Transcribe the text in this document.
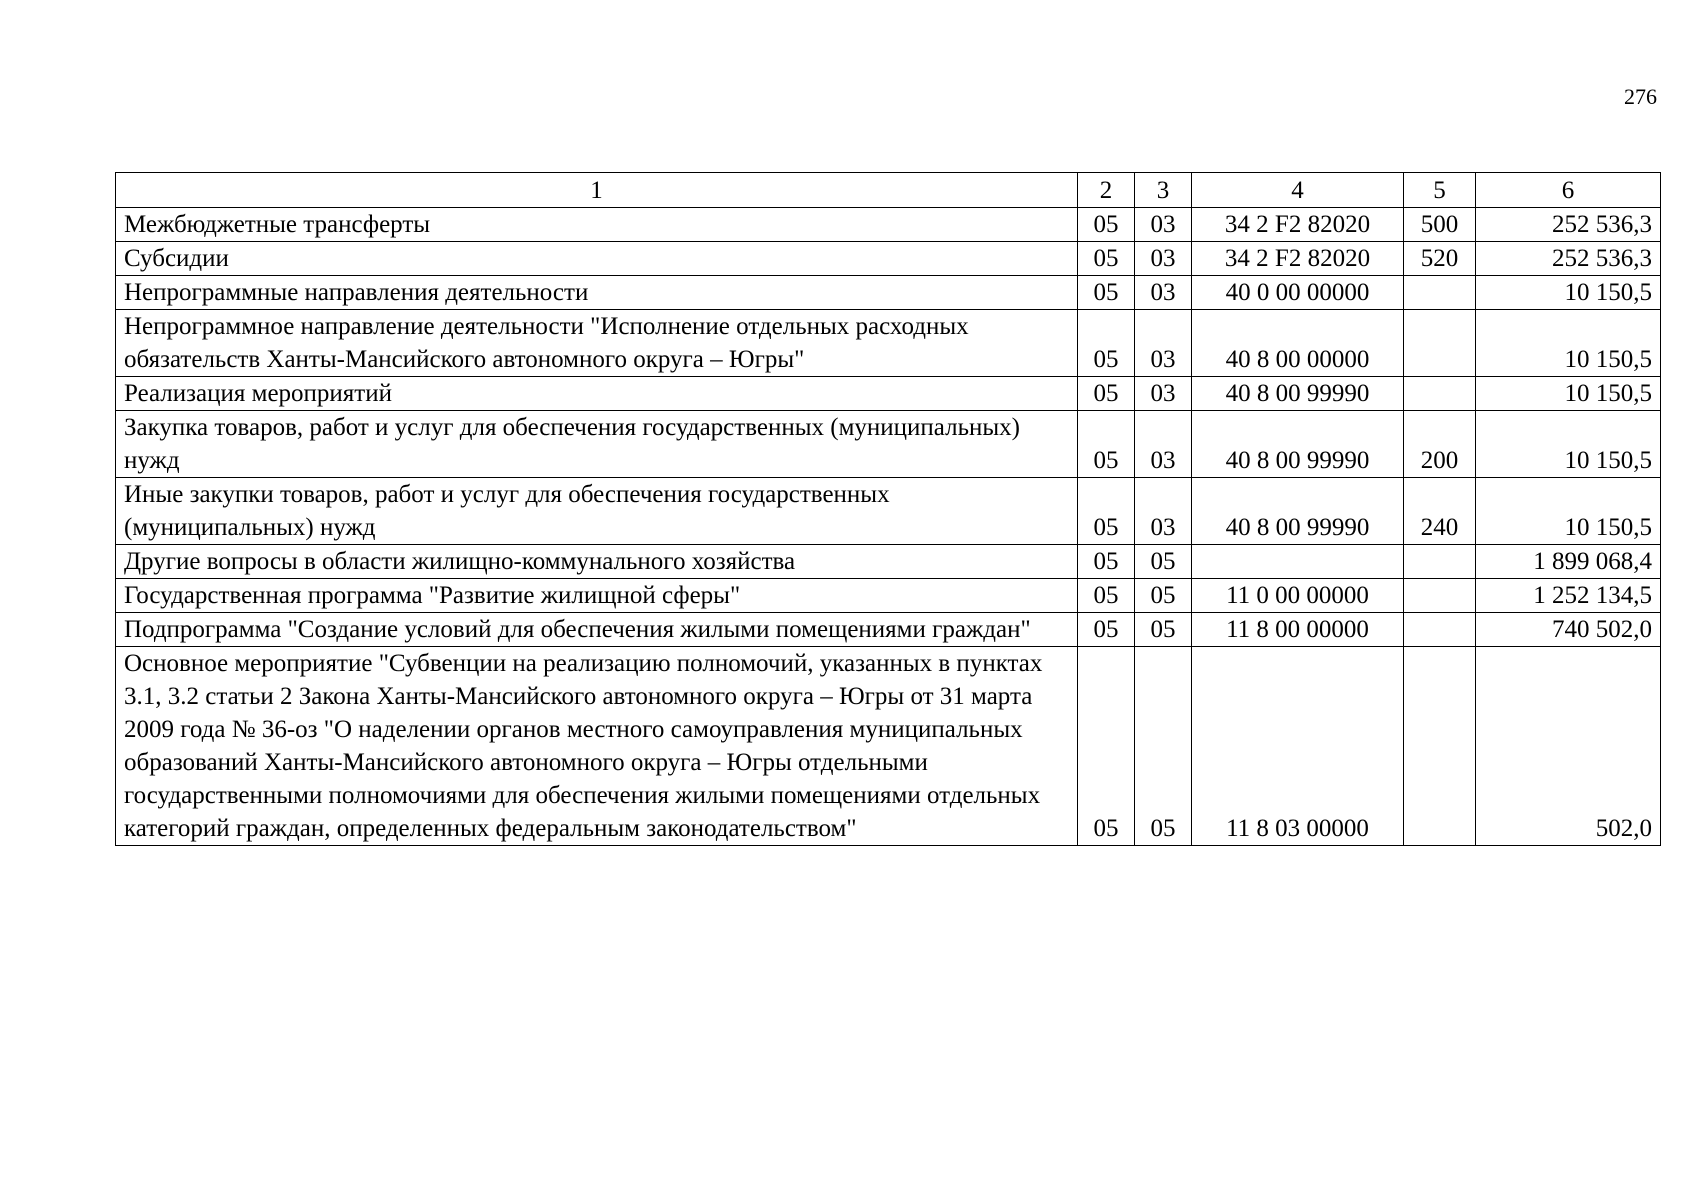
276
1	2	3	4	5	6
Межбюджетные трансферты	05	03	34 2 F2 82020	500	252 536,3
Субсидии	05	03	34 2 F2 82020	520	252 536,3
Непрограммные направления деятельности	05	03	40 0 00 00000		10 150,5
Непрограммное направление деятельности "Исполнение отдельных расходных обязательств Ханты-Мансийского автономного округа – Югры"	05	03	40 8 00 00000		10 150,5
Реализация мероприятий	05	03	40 8 00 99990		10 150,5
Закупка товаров, работ и услуг для обеспечения государственных (муниципальных) нужд	05	03	40 8 00 99990	200	10 150,5
Иные закупки товаров, работ и услуг для обеспечения государственных (муниципальных) нужд	05	03	40 8 00 99990	240	10 150,5
Другие вопросы в области жилищно-коммунального хозяйства	05	05			1 899 068,4
Государственная программа "Развитие жилищной сферы"	05	05	11 0 00 00000		1 252 134,5
Подпрограмма "Создание условий для обеспечения жилыми помещениями граждан"	05	05	11 8 00 00000		740 502,0
Основное мероприятие "Субвенции на реализацию полномочий, указанных в пунктах 3.1, 3.2 статьи 2 Закона Ханты-Мансийского автономного округа – Югры от 31 марта 2009 года № 36-оз "О наделении органов местного самоуправления муниципальных образований Ханты-Мансийского автономного округа – Югры отдельными государственными полномочиями для обеспечения жилыми помещениями отдельных категорий граждан, определенных федеральным законодательством"	05	05	11 8 03 00000		502,0
